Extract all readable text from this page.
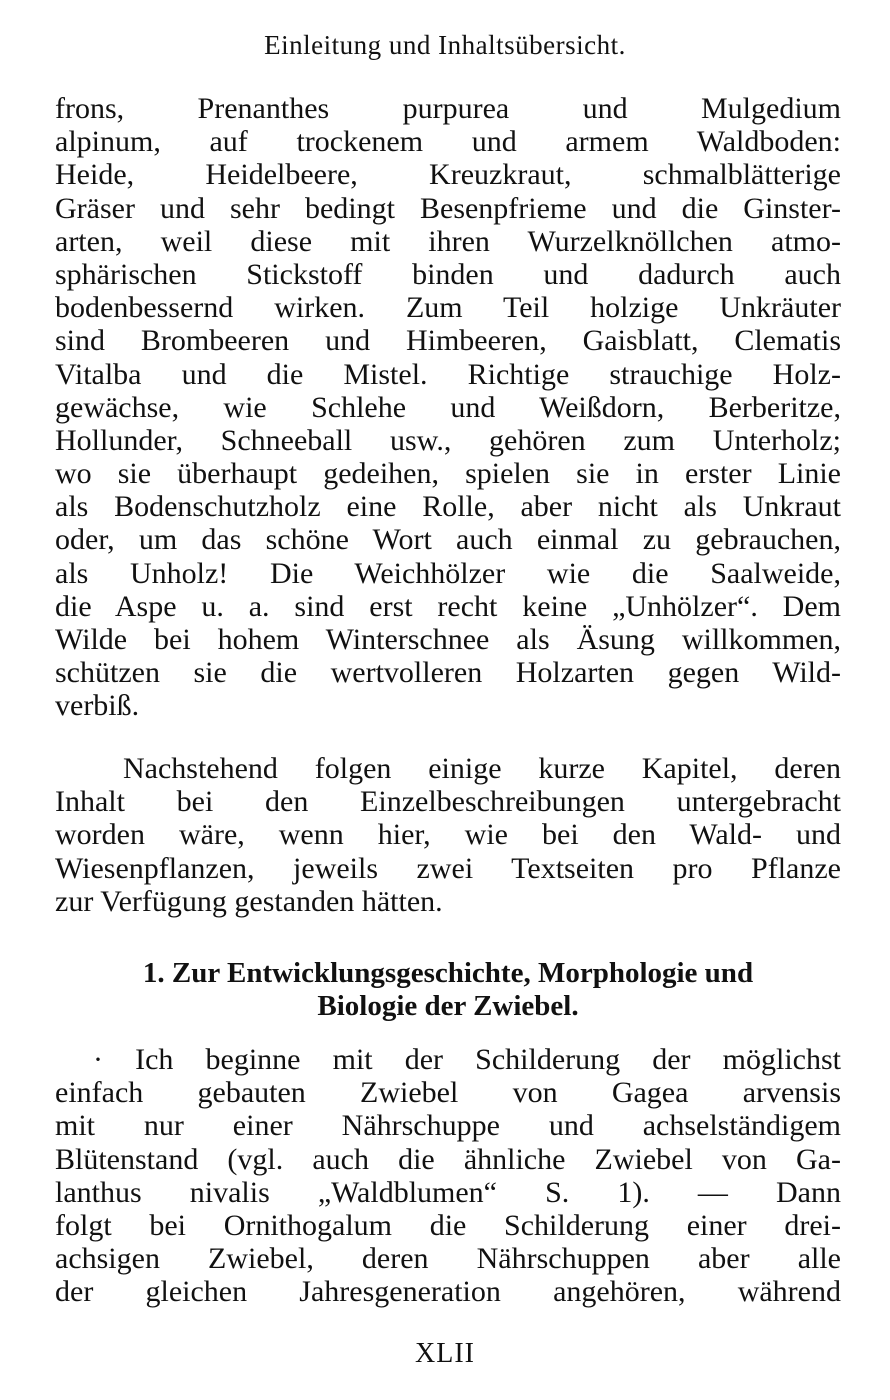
Einleitung und Inhaltsübersicht.
frons, Prenanthes purpurea und Mulgedium
alpinum, auf trockenem und armem Waldboden:
Heide, Heidelbeere, Kreuzkraut, schmalblätterige
Gräser und sehr bedingt Besenpfrieme und die Ginster-
arten, weil diese mit ihren Wurzelknöllchen atmo-
sphärischen Stickstoff binden und dadurch auch
bodenbessernd wirken. Zum Teil holzige Unkräuter
sind Brombeeren und Himbeeren, Gaisblatt, Clematis
Vitalba und die Mistel. Richtige strauchige Holz-
gewächse, wie Schlehe und Weißdorn, Berberitze,
Hollunder, Schneeball usw., gehören zum Unterholz;
wo sie überhaupt gedeihen, spielen sie in erster Linie
als Bodenschutzholz eine Rolle, aber nicht als Unkraut
oder, um das schöne Wort auch einmal zu gebrauchen,
als Unholz! Die Weichhölzer wie die Saalweide,
die Aspe u. a. sind erst recht keine „Unhölzer“. Dem
Wilde bei hohem Winterschnee als Äsung willkommen,
schützen sie die wertvolleren Holzarten gegen Wild-
verbiß.
Nachstehend folgen einige kurze Kapitel, deren
Inhalt bei den Einzelbeschreibungen untergebracht
worden wäre, wenn hier, wie bei den Wald- und
Wiesenpflanzen, jeweils zwei Textseiten pro Pflanze
zur Verfügung gestanden hätten.
1. Zur Entwicklungsgeschichte, Morphologie und
Biologie der Zwiebel.
· Ich beginne mit der Schilderung der möglichst
einfach gebauten Zwiebel von Gagea arvensis
mit nur einer Nährschuppe und achselständigem
Blütenstand (vgl. auch die ähnliche Zwiebel von Ga-
lanthus nivalis „Waldblumen“ S. 1). — Dann
folgt bei Ornithogalum die Schilderung einer drei-
achsigen Zwiebel, deren Nährschuppen aber alle
der gleichen Jahresgeneration angehören, während
XLII
